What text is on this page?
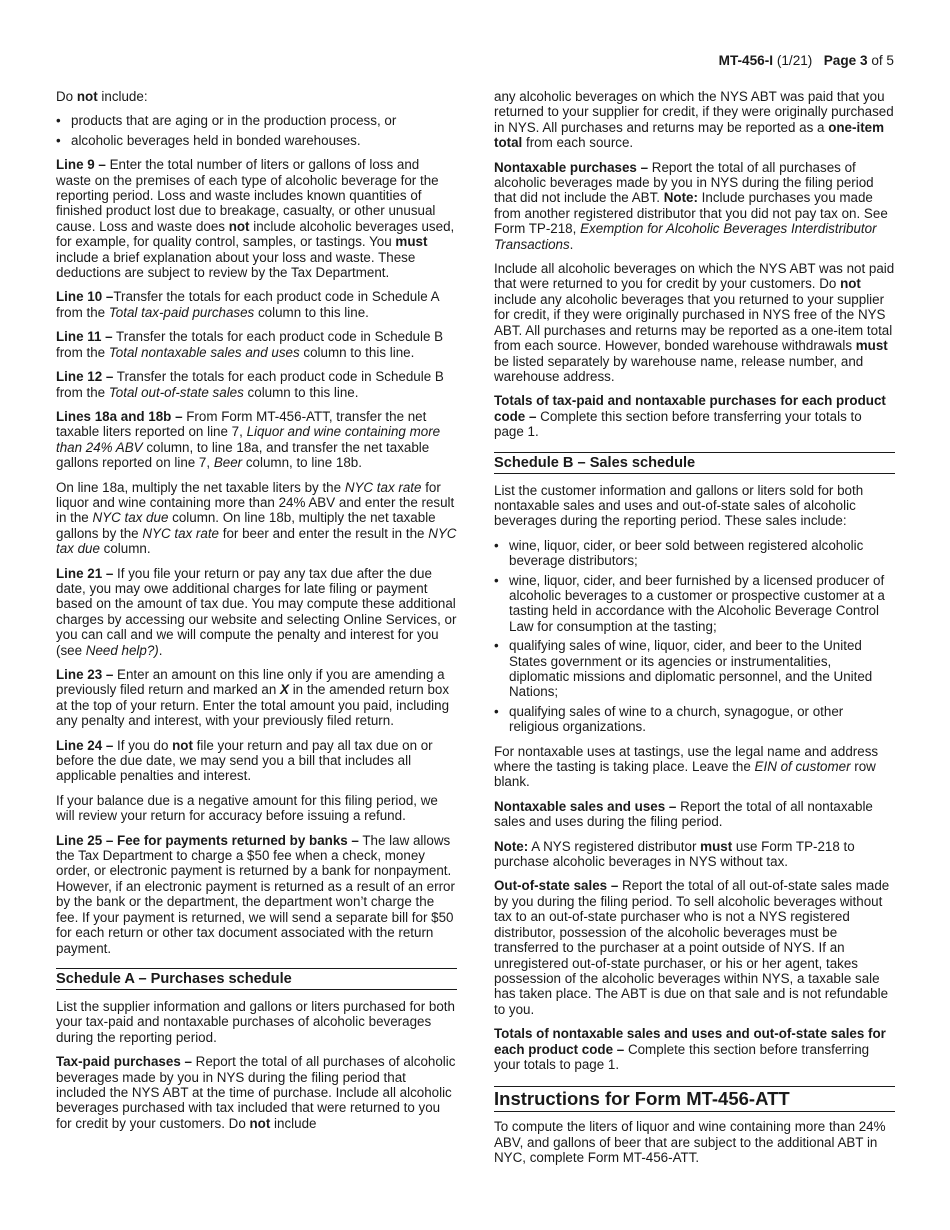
MT-456-I (1/21) Page 3 of 5

Do not include:

• products that are aging or in the production process, or
• alcoholic beverages held in bonded warehouses.

Line 9 – Enter the total number of liters or gallons of loss and waste on the premises of each type of alcoholic beverage for the reporting period. Loss and waste includes known quantities of finished product lost due to breakage, casualty, or other unusual cause. Loss and waste does not include alcoholic beverages used, for example, for quality control, samples, or tastings. You must include a brief explanation about your loss and waste. These deductions are subject to review by the Tax Department.

Line 10 –Transfer the totals for each product code in Schedule A from the Total tax-paid purchases column to this line.

Line 11 – Transfer the totals for each product code in Schedule B from the Total nontaxable sales and uses column to this line.

Line 12 – Transfer the totals for each product code in Schedule B from the Total out-of-state sales column to this line.

Lines 18a and 18b – From Form MT-456-ATT, transfer the net taxable liters reported on line 7, Liquor and wine containing more than 24% ABV column, to line 18a, and transfer the net taxable gallons reported on line 7, Beer column, to line 18b.

On line 18a, multiply the net taxable liters by the NYC tax rate for liquor and wine containing more than 24% ABV and enter the result in the NYC tax due column. On line 18b, multiply the net taxable gallons by the NYC tax rate for beer and enter the result in the NYC tax due column.

Line 21 – If you file your return or pay any tax due after the due date, you may owe additional charges for late filing or payment based on the amount of tax due. You may compute these additional charges by accessing our website and selecting Online Services, or you can call and we will compute the penalty and interest for you (see Need help?).

Line 23 – Enter an amount on this line only if you are amending a previously filed return and marked an X in the amended return box at the top of your return. Enter the total amount you paid, including any penalty and interest, with your previously filed return.

Line 24 – If you do not file your return and pay all tax due on or before the due date, we may send you a bill that includes all applicable penalties and interest.

If your balance due is a negative amount for this filing period, we will review your return for accuracy before issuing a refund.

Line 25 – Fee for payments returned by banks – The law allows the Tax Department to charge a $50 fee when a check, money order, or electronic payment is returned by a bank for nonpayment. However, if an electronic payment is returned as a result of an error by the bank or the department, the department won’t charge the fee. If your payment is returned, we will send a separate bill for $50 for each return or other tax document associated with the return payment.

Schedule A – Purchases schedule

List the supplier information and gallons or liters purchased for both your tax-paid and nontaxable purchases of alcoholic beverages during the reporting period.

Tax-paid purchases – Report the total of all purchases of alcoholic beverages made by you in NYS during the filing period that included the NYS ABT at the time of purchase. Include all alcoholic beverages purchased with tax included that were returned to you for credit by your customers. Do not include

any alcoholic beverages on which the NYS ABT was paid that you returned to your supplier for credit, if they were originally purchased in NYS. All purchases and returns may be reported as a one-item total from each source.

Nontaxable purchases – Report the total of all purchases of alcoholic beverages made by you in NYS during the filing period that did not include the ABT. Note: Include purchases you made from another registered distributor that you did not pay tax on. See Form TP-218, Exemption for Alcoholic Beverages Interdistributor Transactions.

Include all alcoholic beverages on which the NYS ABT was not paid that were returned to you for credit by your customers. Do not include any alcoholic beverages that you returned to your supplier for credit, if they were originally purchased in NYS free of the NYS ABT. All purchases and returns may be reported as a one-item total from each source. However, bonded warehouse withdrawals must be listed separately by warehouse name, release number, and warehouse address.

Totals of tax-paid and nontaxable purchases for each product code – Complete this section before transferring your totals to page 1.

Schedule B – Sales schedule

List the customer information and gallons or liters sold for both nontaxable sales and uses and out-of-state sales of alcoholic beverages during the reporting period. These sales include:

• wine, liquor, cider, or beer sold between registered alcoholic beverage distributors;
• wine, liquor, cider, and beer furnished by a licensed producer of alcoholic beverages to a customer or prospective customer at a tasting held in accordance with the Alcoholic Beverage Control Law for consumption at the tasting;
• qualifying sales of wine, liquor, cider, and beer to the United States government or its agencies or instrumentalities, diplomatic missions and diplomatic personnel, and the United Nations;
• qualifying sales of wine to a church, synagogue, or other religious organizations.

For nontaxable uses at tastings, use the legal name and address where the tasting is taking place. Leave the EIN of customer row blank.

Nontaxable sales and uses – Report the total of all nontaxable sales and uses during the filing period.

Note: A NYS registered distributor must use Form TP-218 to purchase alcoholic beverages in NYS without tax.

Out-of-state sales – Report the total of all out-of-state sales made by you during the filing period. To sell alcoholic beverages without tax to an out-of-state purchaser who is not a NYS registered distributor, possession of the alcoholic beverages must be transferred to the purchaser at a point outside of NYS. If an unregistered out-of-state purchaser, or his or her agent, takes possession of the alcoholic beverages within NYS, a taxable sale has taken place. The ABT is due on that sale and is not refundable to you.

Totals of nontaxable sales and uses and out-of-state sales for each product code – Complete this section before transferring your totals to page 1.

Instructions for Form MT-456-ATT

To compute the liters of liquor and wine containing more than 24% ABV, and gallons of beer that are subject to the additional ABT in NYC, complete Form MT-456-ATT.
